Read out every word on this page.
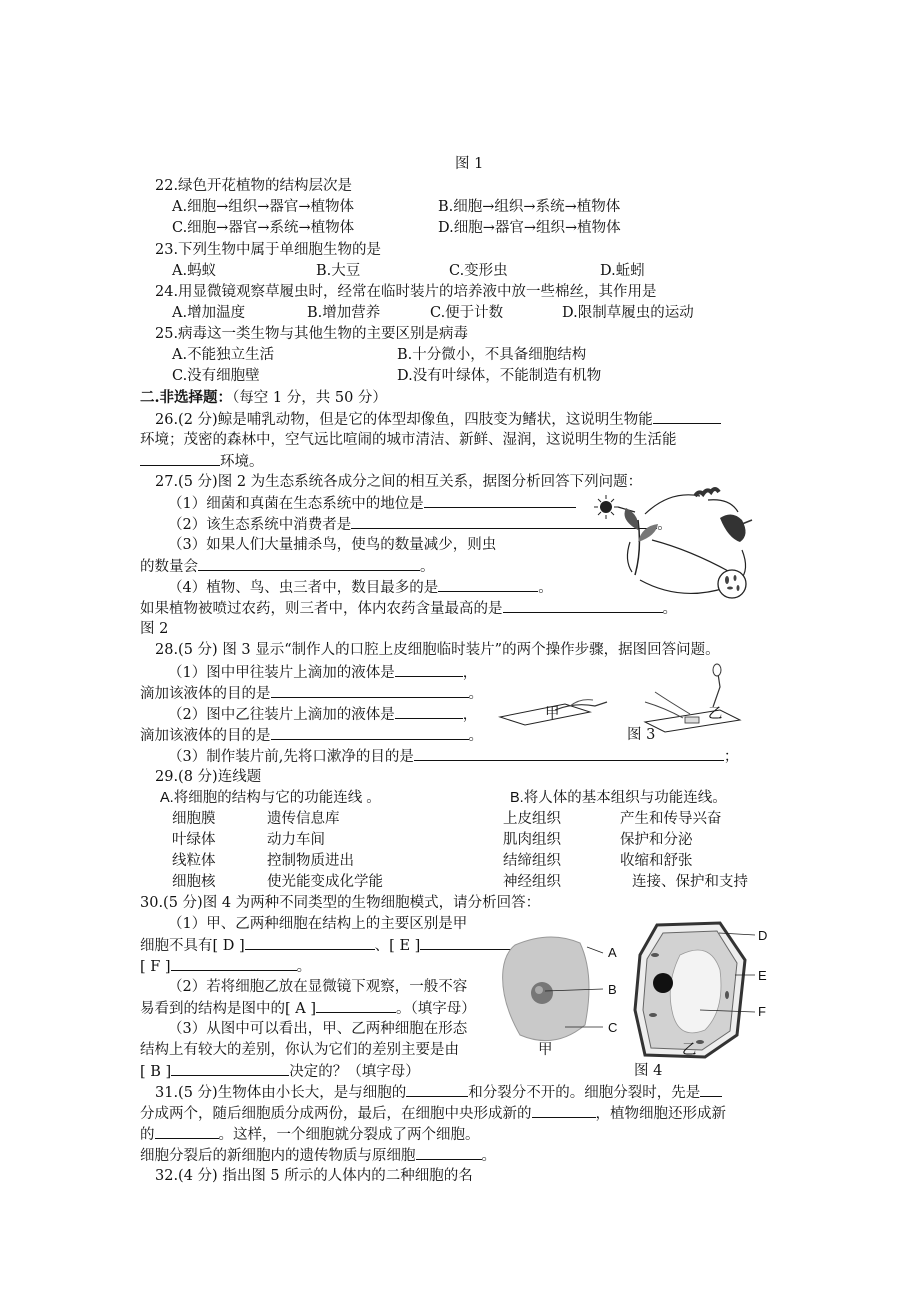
图 1
22.绿色开花植物的结构层次是
A.细胞→组织→器官→植物体	B.细胞→组织→系统→植物体
C.细胞→器官→系统→植物体	D.细胞→器官→组织→植物体
23.下列生物中属于单细胞生物的是
A.蚂蚁	B.大豆	C.变形虫	D.蚯蚓
24.用显微镜观察草履虫时，经常在临时装片的培养液中放一些棉丝，其作用是
A.增加温度	B.增加营养	C.便于计数	D.限制草履虫的运动
25.病毒这一类生物与其他生物的主要区别是病毒
A.不能独立生活	B.十分微小，不具备细胞结构
C.没有细胞壁	D.没有叶绿体，不能制造有机物
二.非选择题：（每空 1 分，共 50 分）
26.(2 分)鲸是哺乳动物，但是它的体型却像鱼，四肢变为鳍状，这说明生物能
环境；茂密的森林中，空气远比喧闹的城市清洁、新鲜、湿润，这说明生物的生活能
环境。
27.(5 分)图 2 为生态系统各成分之间的相互关系，据图分析回答下列问题：
（1）细菌和真菌在生态系统中的地位是
（2）该生态系统中消费者是	。
（3）如果人们大量捕杀鸟，使鸟的数量减少，则虫
的数量会	。
（4）植物、鸟、虫三者中，数目最多的是	。
如果植物被喷过农药，则三者中，体内农药含量最高的是	。
图 2
28.(5 分) 图 3 显示“制作人的口腔上皮细胞临时装片”的两个操作步骤，据图回答问题。
（1）图中甲往装片上滴加的液体是	，
滴加该液体的目的是	。
（2）图中乙往装片上滴加的液体是	，
滴加该液体的目的是	。
（3）制作装片前,先将口漱净的目的是	；
甲	乙
图 3
29.(8 分)连线题
A.将细胞的结构与它的功能连线 。	B.将人体的基本组织与功能连线。
细胞膜	遗传信息库	上皮组织	产生和传导兴奋
叶绿体	动力车间	肌肉组织	保护和分泌
线粒体	控制物质进出	结缔组织	收缩和舒张
细胞核	使光能变成化学能	神经组织	连接、保护和支持
30.(5 分)图 4 为两种不同类型的生物细胞模式，请分析回答：
（1）甲、乙两种细胞在结构上的主要区别是甲
细胞不具有[ D ]	、[ E ]
[ F ]	。
（2）若将细胞乙放在显微镜下观察，一般不容
易看到的结构是图中的[ A ]	。（填字母）
（3）从图中可以看出，甲、乙两种细胞在形态
结构上有较大的差别，你认为它们的差别主要是由
[ B ]	决定的？（填字母）
A
B
C
D
E
F
甲	乙
图 4
31.(5 分)生物体由小长大，是与细胞的	和分裂分不开的。细胞分裂时，先是
分成两个，随后细胞质分成两份，最后，在细胞中央形成新的	，植物细胞还形成新
的	。这样，一个细胞就分裂成了两个细胞。
细胞分裂后的新细胞内的遗传物质与原细胞	。
32.(4 分) 指出图 5 所示的人体内的二种细胞的名
